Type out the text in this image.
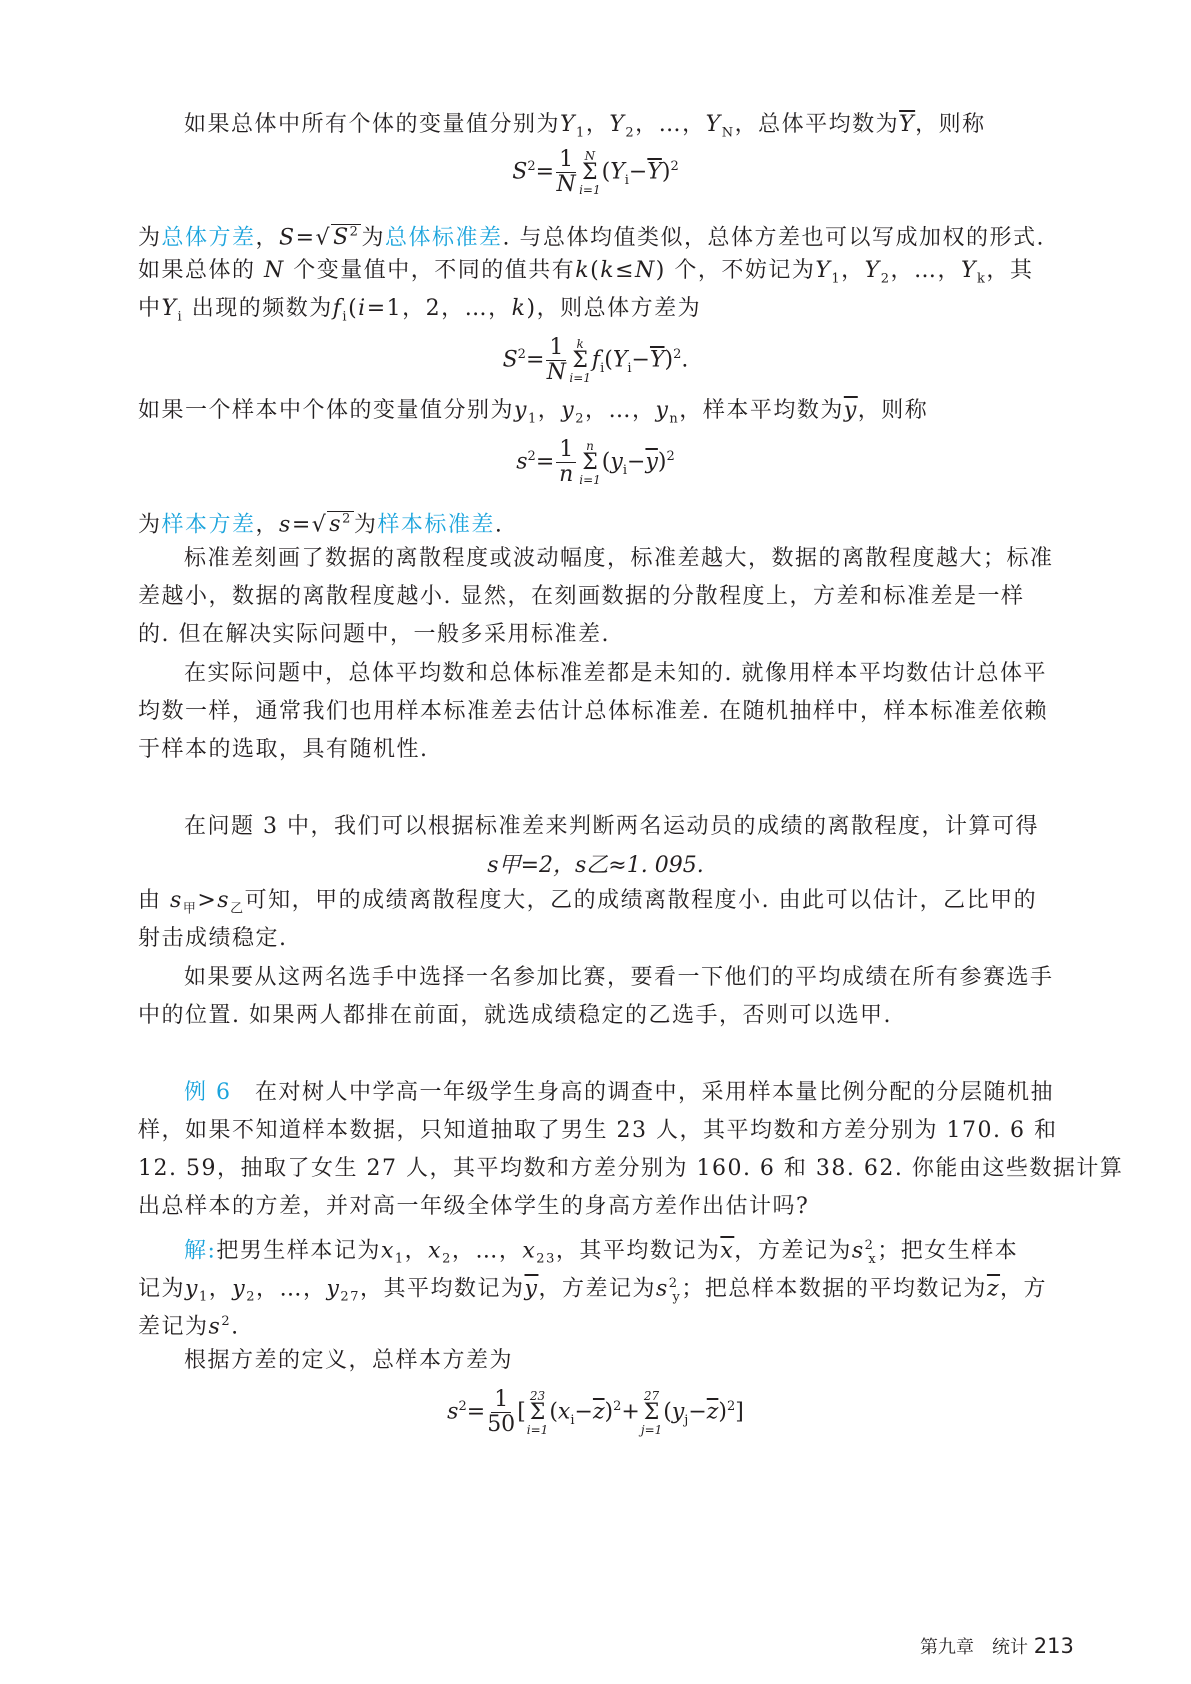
如果总体中所有个体的变量值分别为$Y_1$，$Y_2$，…，$Y_N$，总体平均数为$\overline{Y}$，则称
$S^2= \frac{1}{N}$ N
Σ
i=1
$(Y_i-\overline{Y})^2$
为总体方差，$S=√S^2$为总体标准差. 与总体均值类似，总体方差也可以写成加权的形式.
如果总体的 N 个变量值中，不同的值共有k(k≤N) 个，不妨记为$Y_1$，$Y_2$，…，$Y_k$，其
中$Y_i$ 出现的频数为$f_i(i=1$，2，…，k)，则总体方差为
$S^2= \frac{1}{N}$ k
Σ
i=1
$f_i(Y_i-\overline{Y})^2$.
如果一个样本中个体的变量值分别为$y_1$，$y_2$，…，$y_n$，样本平均数为$\overline{y}$，则称
$s^2= \frac{1}{n}$ n
Σ
i=1
$(y_i-\overline{y})^2$
为样本方差，$s=√s^2$为样本标准差.
标准差刻画了数据的离散程度或波动幅度，标准差越大，数据的离散程度越大；标准
差越小，数据的离散程度越小. 显然，在刻画数据的分散程度上，方差和标准差是一样
的. 但在解决实际问题中，一般多采用标准差.
在实际问题中，总体平均数和总体标准差都是未知的. 就像用样本平均数估计总体平
均数一样，通常我们也用样本标准差去估计总体标准差. 在随机抽样中，样本标准差依赖
于样本的选取，具有随机性.
在问题 3 中，我们可以根据标准差来判断两名运动员的成绩的离散程度，计算可得
s甲=2，s乙≈1. 095.
由 $s_甲>s_乙$可知，甲的成绩离散程度大，乙的成绩离散程度小. 由此可以估计，乙比甲的
射击成绩稳定.
如果要从这两名选手中选择一名参加比赛，要看一下他们的平均成绩在所有参赛选手
中的位置. 如果两人都排在前面，就选成绩稳定的乙选手，否则可以选甲.
例 6　 在对树人中学高一年级学生身高的调查中，采用样本量比例分配的分层随机抽
样，如果不知道样本数据，只知道抽取了男生 23 人，其平均数和方差分别为 170. 6 和
12. 59，抽取了女生 27 人，其平均数和方差分别为 160. 6 和 38. 62. 你能由这些数据计算
出总样本的方差，并对高一年级全体学生的身高方差作出估计吗?
解:把男生样本记为$x_1$，$x_2$，…，$x_{23}$，其平均数记为$\overline{x}$，方差记为$s^2_x$；把女生样本
记为$y_1$，$y_2$，…，$y_{27}$，其平均数记为$\overline{y}$，方差记为$s^2_y$；把总样本数据的平均数记为$\overline{z}$，方
差记为$s^2$.
根据方差的定义，总样本方差为
$s^2= \frac{1}{50}$ [
23
Σ
i=1
$(x_i-\overline{z})^2+$
27
Σ
j=1
$(y_j-\overline{z})^2$]
第九章　统计 213
